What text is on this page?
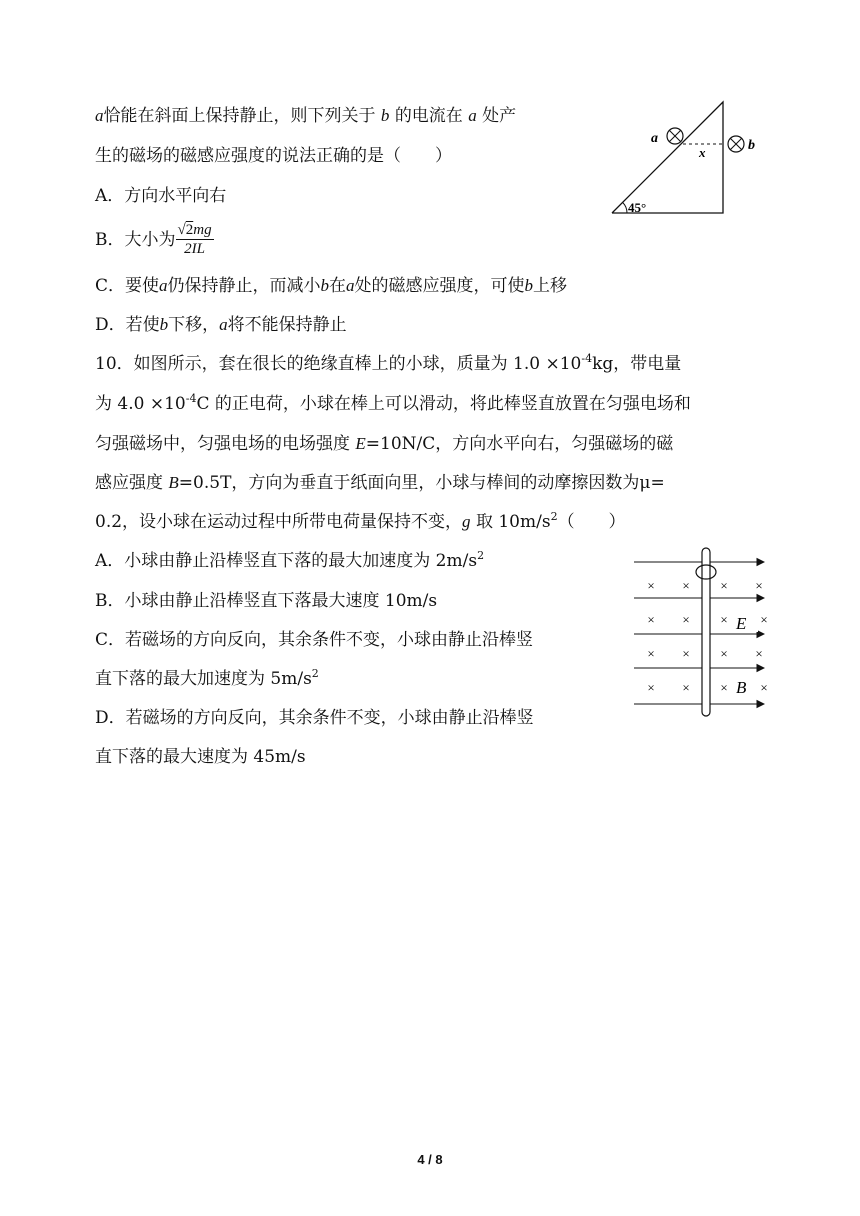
a恰能在斜面上保持静止，则下列关于 b 的电流在 a 处产
生的磁场的磁感应强度的说法正确的是（　　）
A．方向水平向右
B．大小为 $\frac{√2mg}{2IL}$
C．要使a仍保持静止，而减小b在a处的磁感应强度，可使b上移
D．若使b下移，a将不能保持静止
45°
a
x	b
10．如图所示，套在很长的绝缘直棒上的小球，质量为 $1.0 \times 10^{-4}kg$，带电量
为 $4.0 \times 10^{-4}C$ 的正电荷，小球在棒上可以滑动，将此棒竖直放置在匀强电场和
匀强磁场中，匀强电场的电场强度 E=10N/C，方向水平向右，匀强磁场的磁
感应强度 B=0.5T，方向为垂直于纸面向里，小球与棒间的动摩擦因数为μ=
0.2，设小球在运动过程中所带电荷量保持不变，g 取 $10m/s^2$（　　）
A．小球由静止沿棒竖直下落的最大加速度为 $2m/s^2$
B．小球由静止沿棒竖直下落最大速度 10m/s
C．若磁场的方向反向，其余条件不变，小球由静止沿棒竖
直下落的最大加速度为 $5m/s^2$
D．若磁场的方向反向，其余条件不变，小球由静止沿棒竖
直下落的最大速度为 45m/s
× × × ×
× × ×
× × × ×
× × ×
×
×
E
B
4 / 8
